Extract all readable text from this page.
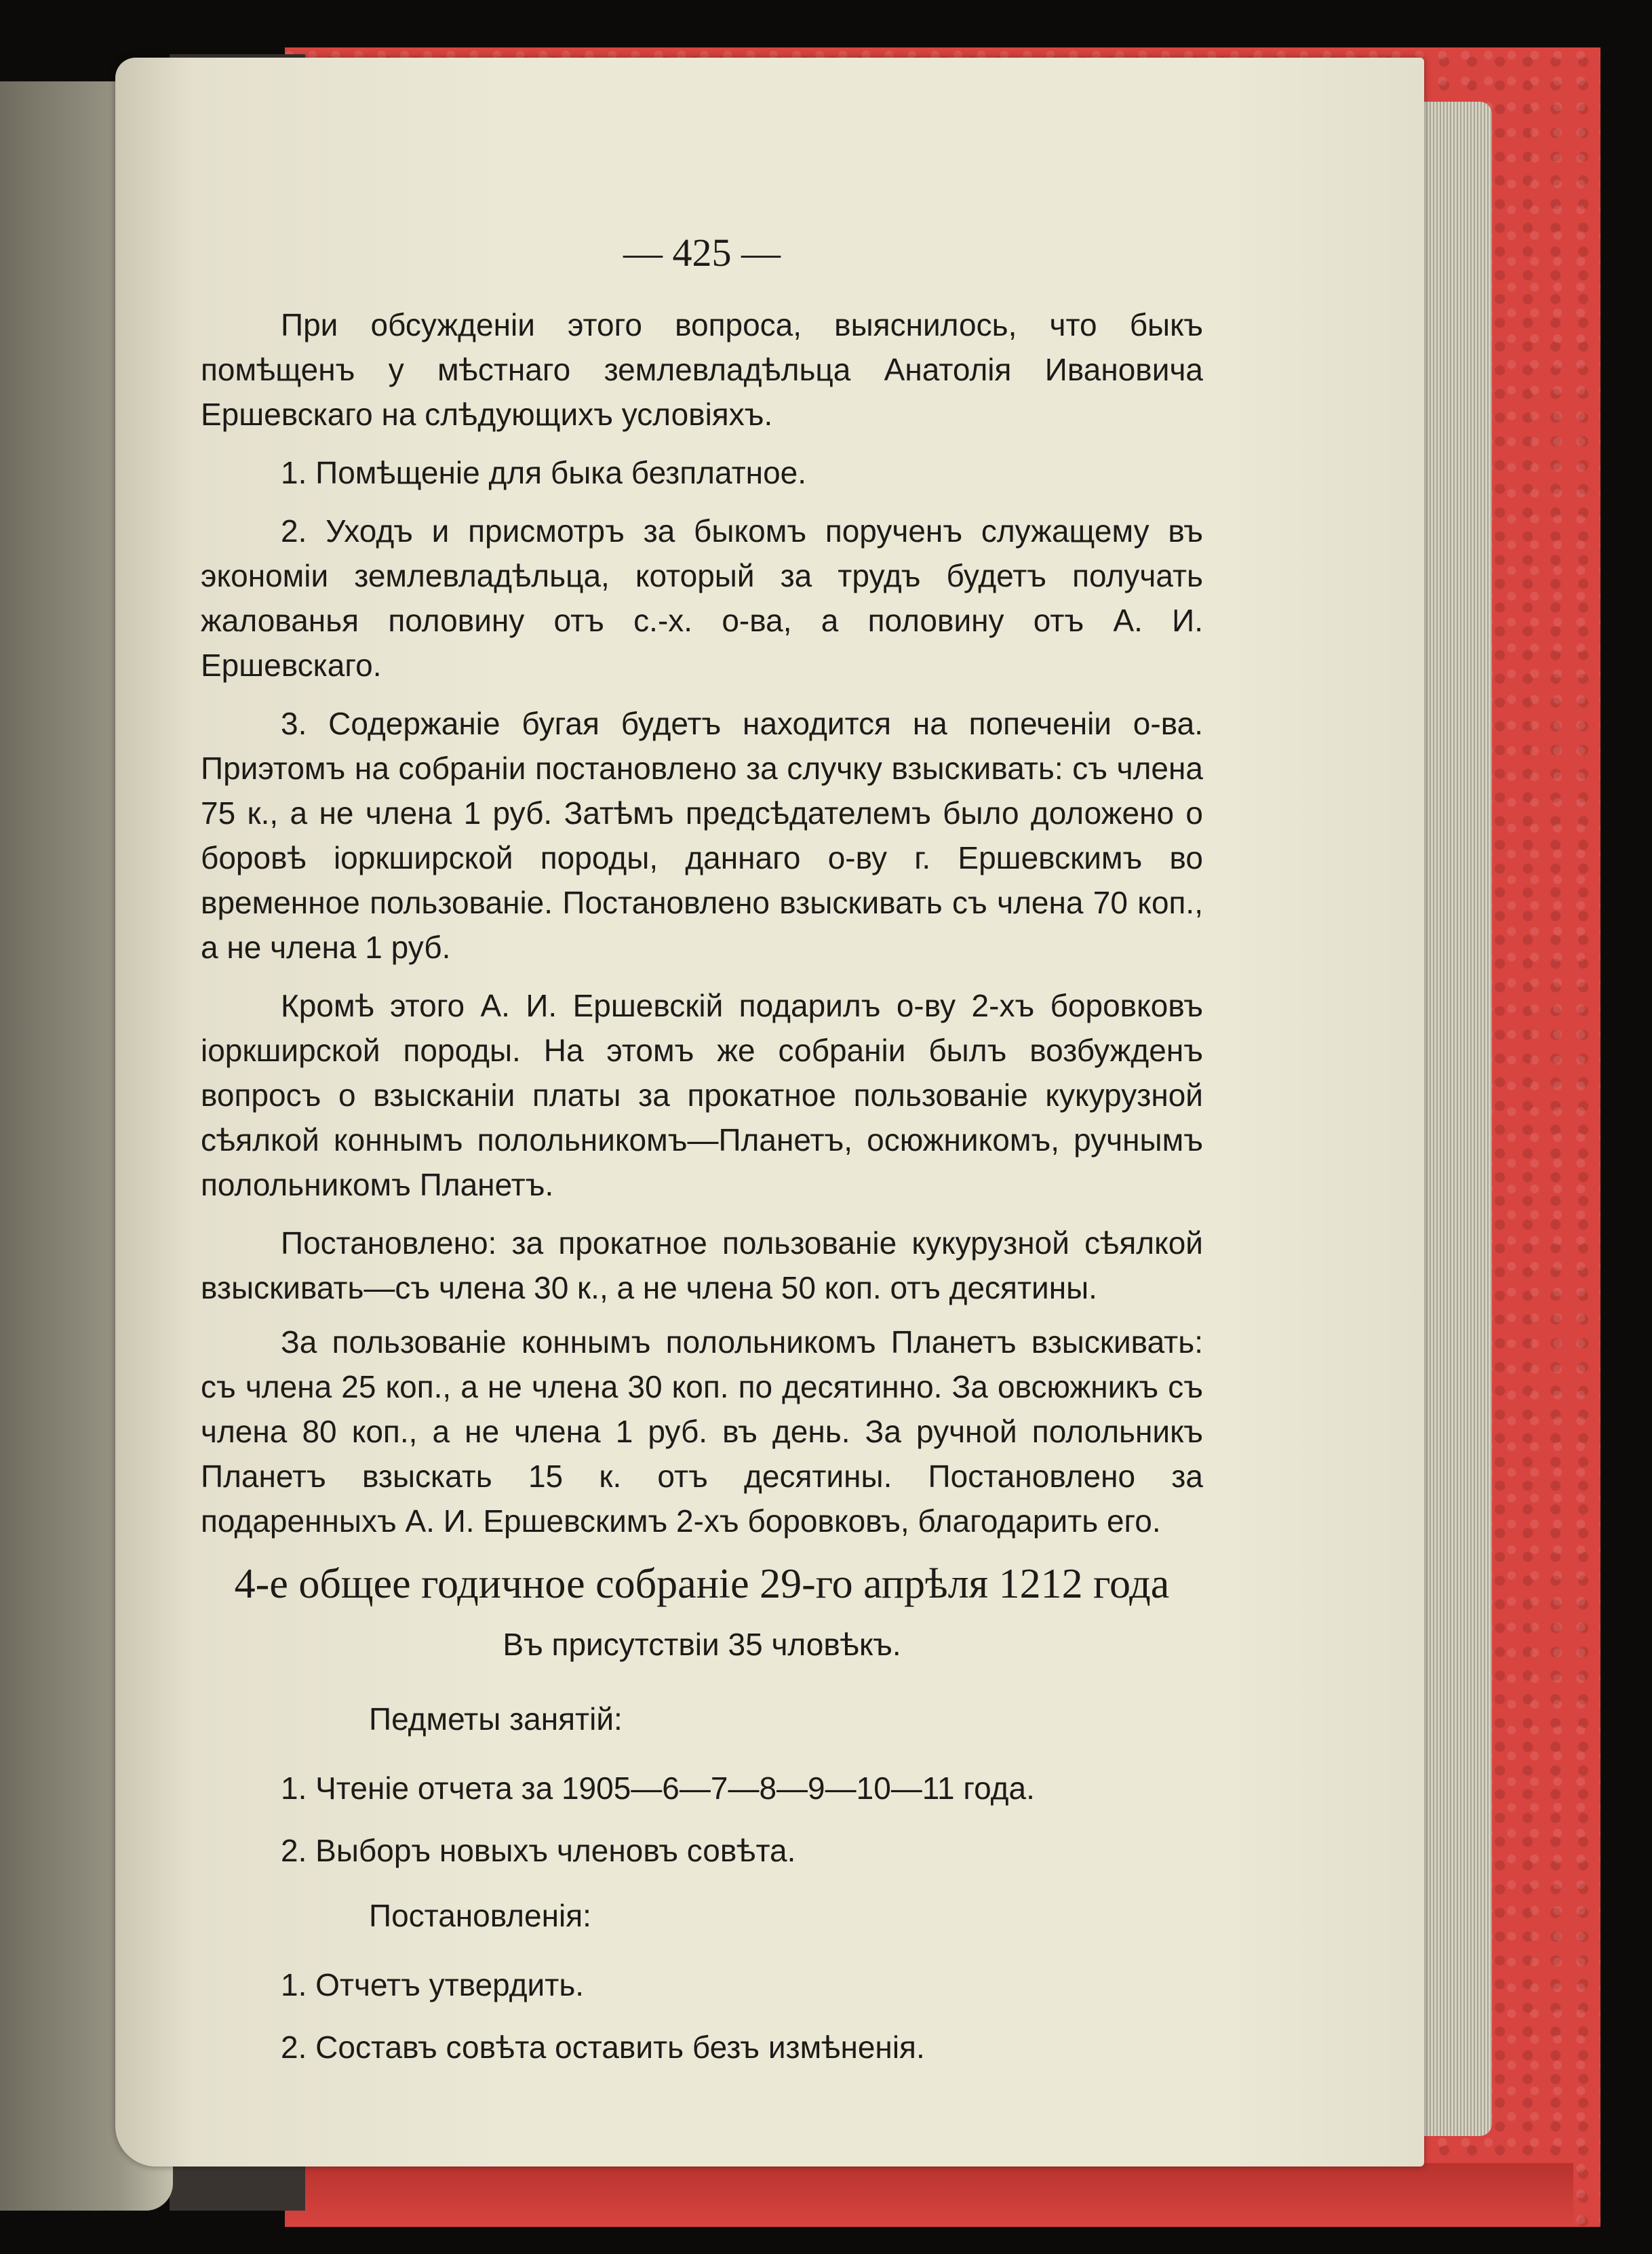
— 425 —

При обсужденіи этого вопроса, выяснилось, что быкъ помѣщенъ у мѣстнаго землевладѣльца Анатолія Ивановича Ершевскаго на слѣдующихъ условіяхъ.

1. Помѣщеніе для быка безплатное.

2. Уходъ и присмотръ за быкомъ порученъ служащему въ экономіи землевладѣльца, который за трудъ будетъ получать жалованья половину отъ с.-х. о-ва, а половину отъ А. И. Ершевскаго.

3. Содержаніе бугая будетъ находится на попеченіи о-ва. Приэтомъ на собраніи постановлено за случку взыскивать: съ члена 75 к., а не члена 1 руб. Затѣмъ предсѣдателемъ было доложено о боровѣ іоркширской породы, даннаго о-ву г. Ершевскимъ во временное пользованіе. Постановлено взыскивать съ члена 70 коп., а не члена 1 руб.

Кромѣ этого А. И. Ершевскій подарилъ о-ву 2-хъ боровковъ іоркширской породы. На этомъ же собраніи былъ возбужденъ вопросъ о взысканіи платы за прокатное пользованіе кукурузной сѣялкой коннымъ полольникомъ—Планетъ, осюжникомъ, ручнымъ полольникомъ Планетъ.

Постановлено: за прокатное пользованіе кукурузной сѣялкой взыскивать—съ члена 30 к., а не члена 50 коп. отъ десятины.

За пользованіе коннымъ полольникомъ Планетъ взыскивать: съ члена 25 коп., а не члена 30 коп. по десятинно. За овсюжникъ съ члена 80 коп., а не члена 1 руб. въ день. За ручной полольникъ Планетъ взыскать 15 к. отъ десятины. Постановлено за подаренныхъ А. И. Ершевскимъ 2-хъ боровковъ, благодарить его.

4-е общее годичное собраніе 29-го апрѣля 1212 года
Въ присутствіи 35 чловѣкъ.
Педметы занятій:
1. Чтеніе отчета за 1905—6—7—8—9—10—11 года.
2. Выборъ новыхъ членовъ совѣта.
Постановленія:
1. Отчетъ утвердить.
2. Составъ совѣта оставить безъ измѣненія.
